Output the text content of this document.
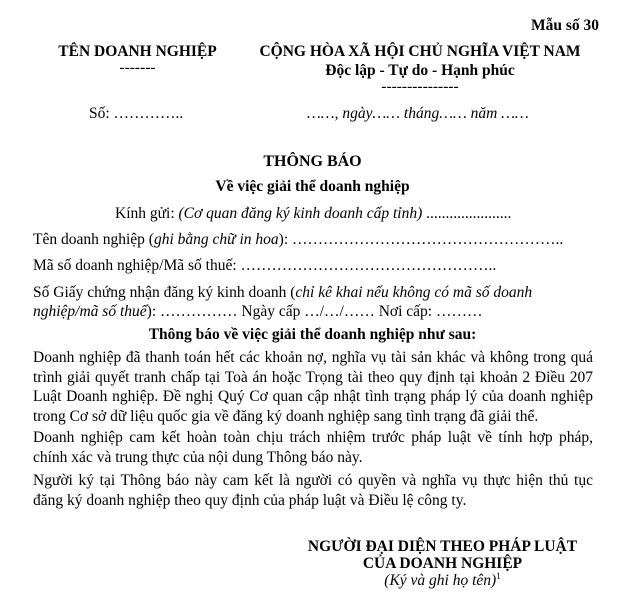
Mẫu số 30
TÊN DOANH NGHIỆP
-------
CỘNG HÒA XÃ HỘI CHỦ NGHĨA VIỆT NAM
Độc lập - Tự do - Hạnh phúc
---------------
Số: …………..	……, ngày…… tháng…… năm ……
THÔNG BÁO
Về việc giải thể doanh nghiệp
Kính gửi: (Cơ quan đăng ký kinh doanh cấp tỉnh) ......................
Tên doanh nghiệp (ghi bằng chữ in hoa): ……………………………………………..
Mã số doanh nghiệp/Mã số thuế: …………………………………………..
Số Giấy chứng nhận đăng ký kinh doanh (chỉ kê khai nếu không có mã số doanh
nghiệp/mã số thuế): …………… Ngày cấp …/…/…… Nơi cấp: ………
Thông báo về việc giải thể doanh nghiệp như sau:
Doanh nghiệp đã thanh toán hết các khoản nợ, nghĩa vụ tài sản khác và không trong quá trình giải quyết tranh chấp tại Toà án hoặc Trọng tài theo quy định tại khoản 2 Điều 207 Luật Doanh nghiệp. Đề nghị Quý Cơ quan cập nhật tình trạng pháp lý của doanh nghiệp trong Cơ sở dữ liệu quốc gia về đăng ký doanh nghiệp sang tình trạng đã giải thể.
Doanh nghiệp cam kết hoàn toàn chịu trách nhiệm trước pháp luật về tính hợp pháp, chính xác và trung thực của nội dung Thông báo này.
Người ký tại Thông báo này cam kết là người có quyền và nghĩa vụ thực hiện thủ tục đăng ký doanh nghiệp theo quy định của pháp luật và Điều lệ công ty.
NGƯỜI ĐẠI DIỆN THEO PHÁP LUẬT
CỦA DOANH NGHIỆP
(Ký và ghi họ tên)$^1$
